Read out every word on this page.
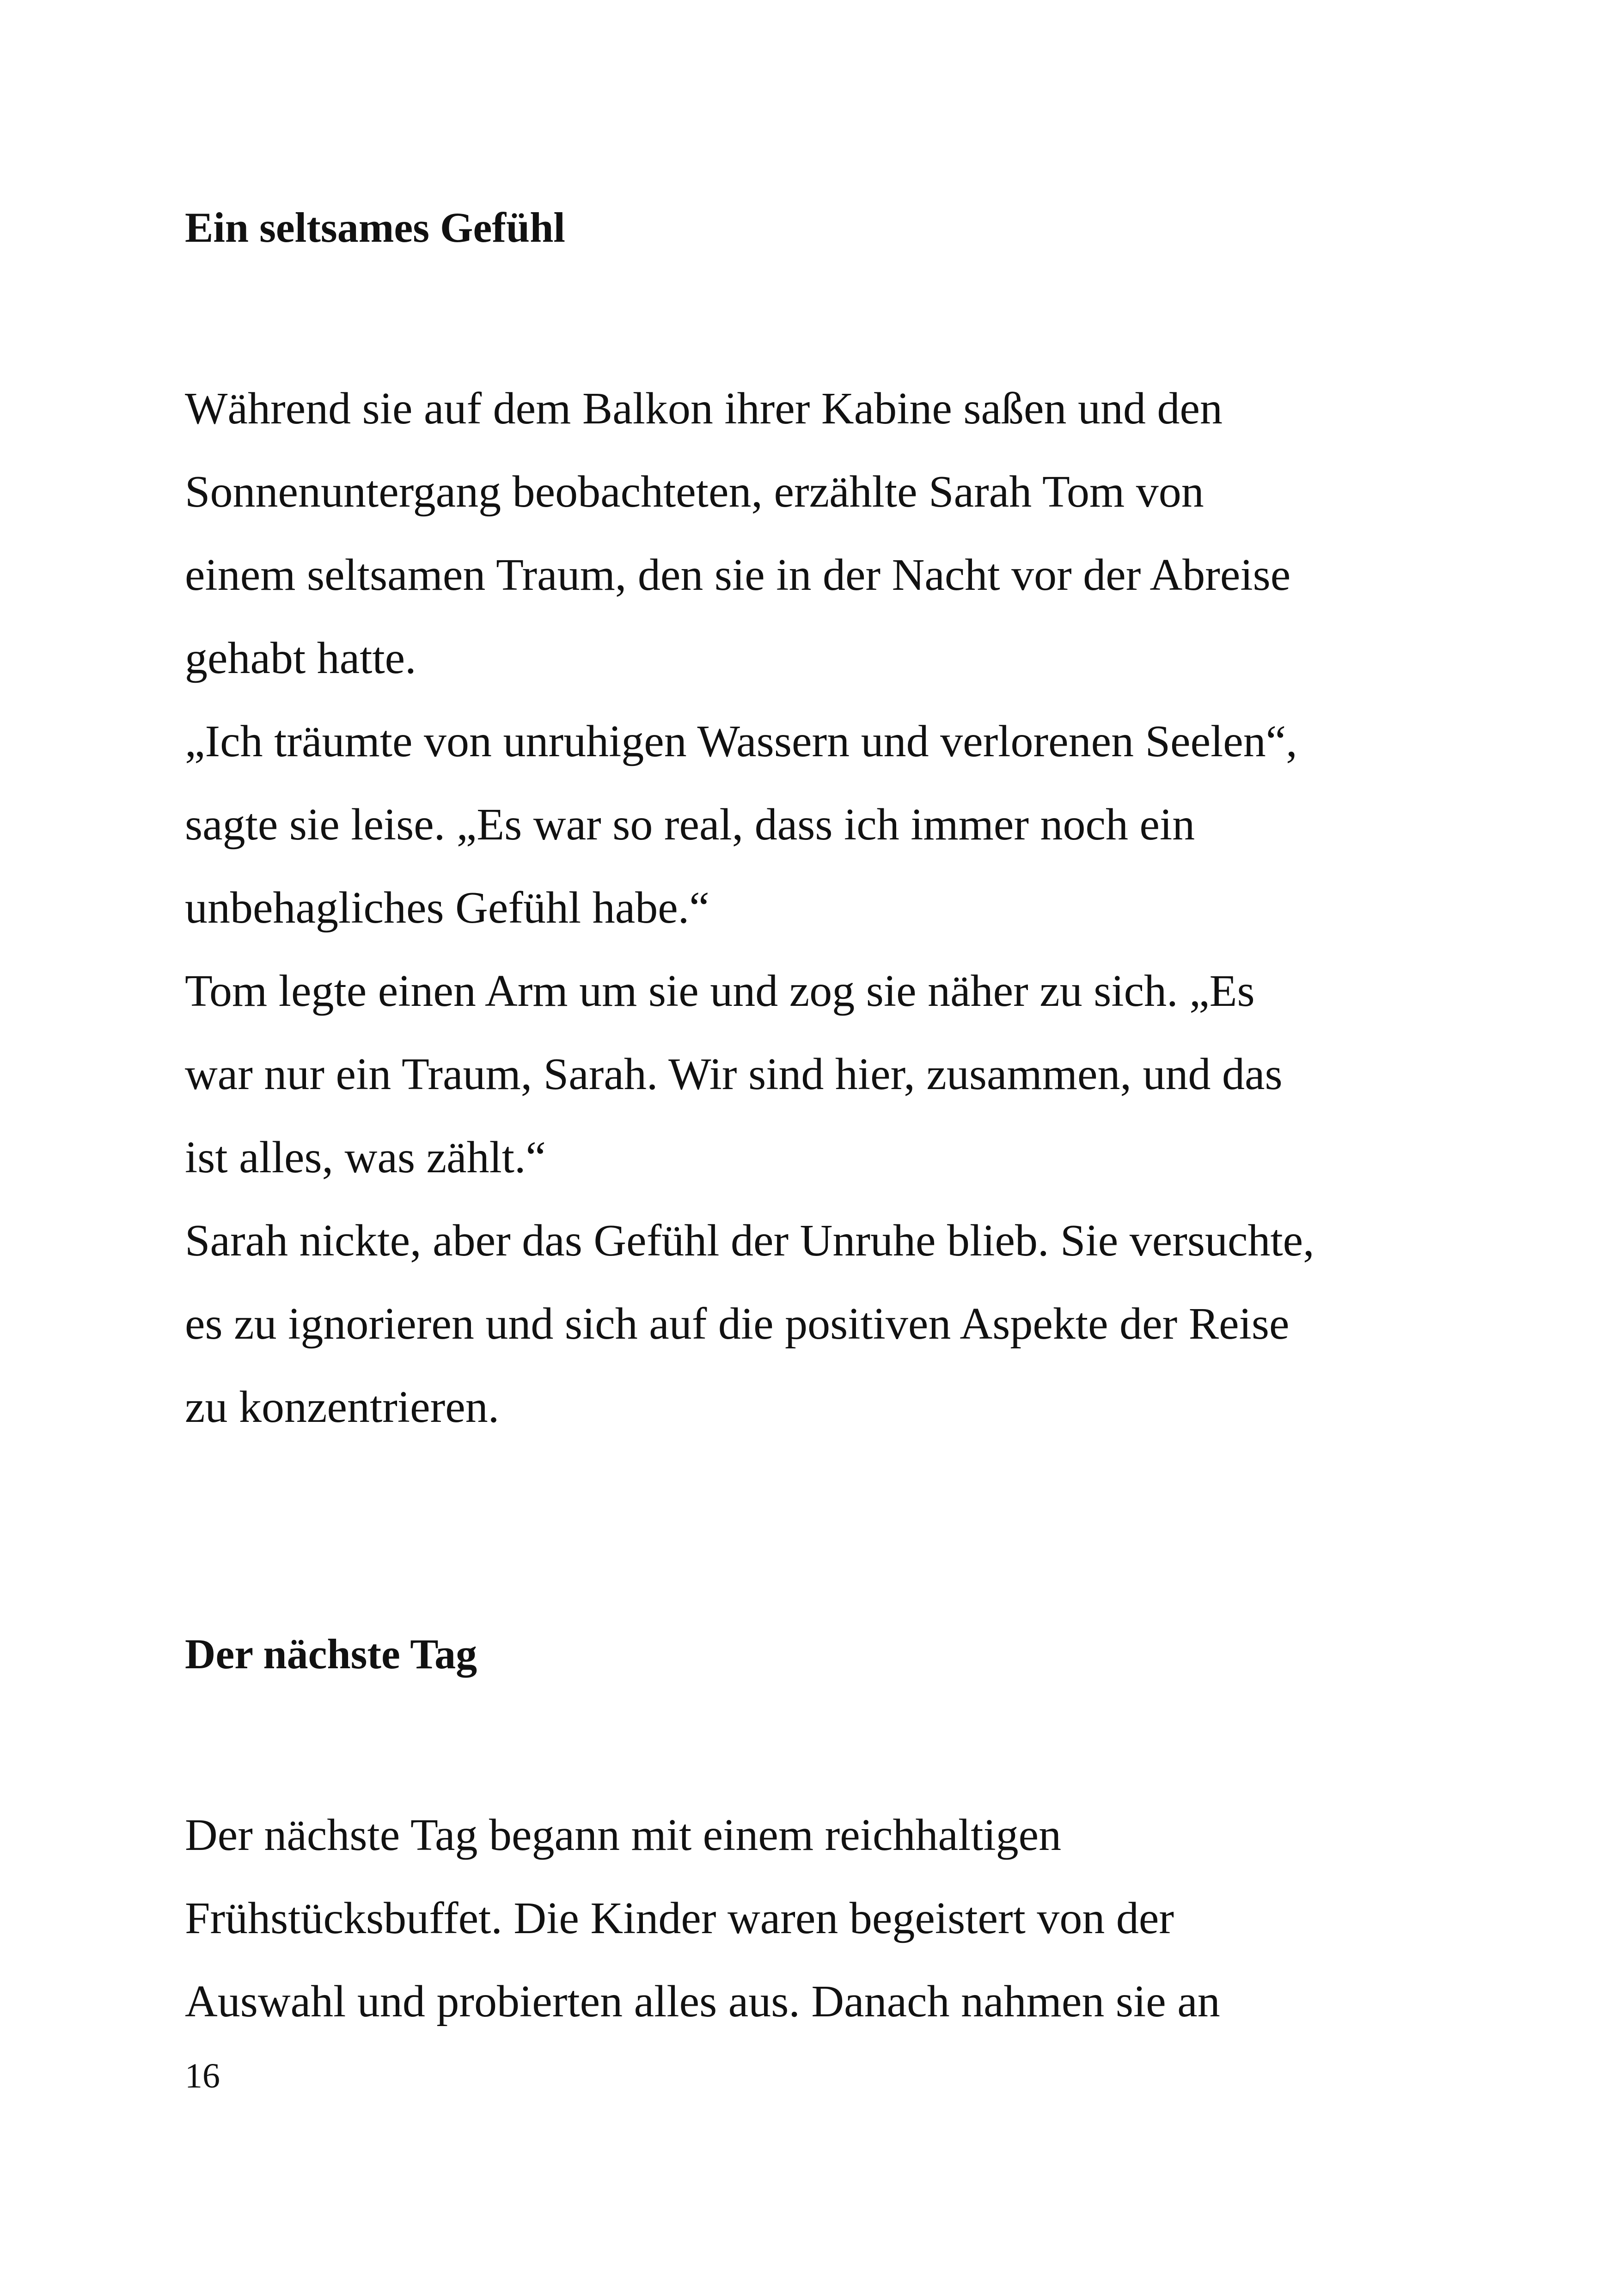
Ein seltsames Gefühl

Während sie auf dem Balkon ihrer Kabine saßen und den

Sonnenuntergang beobachteten, erzählte Sarah Tom von

einem seltsamen Traum, den sie in der Nacht vor der Abreise

gehabt hatte.

„Ich träumte von unruhigen Wassern und verlorenen Seelen“,

sagte sie leise. „Es war so real, dass ich immer noch ein

unbehagliches Gefühl habe.“

Tom legte einen Arm um sie und zog sie näher zu sich. „Es

war nur ein Traum, Sarah. Wir sind hier, zusammen, und das

ist alles, was zählt.“

Sarah nickte, aber das Gefühl der Unruhe blieb. Sie versuchte,

es zu ignorieren und sich auf die positiven Aspekte der Reise

zu konzentrieren.

Der nächste Tag

Der nächste Tag begann mit einem reichhaltigen

Frühstücksbuffet. Die Kinder waren begeistert von der

Auswahl und probierten alles aus. Danach nahmen sie an

16
